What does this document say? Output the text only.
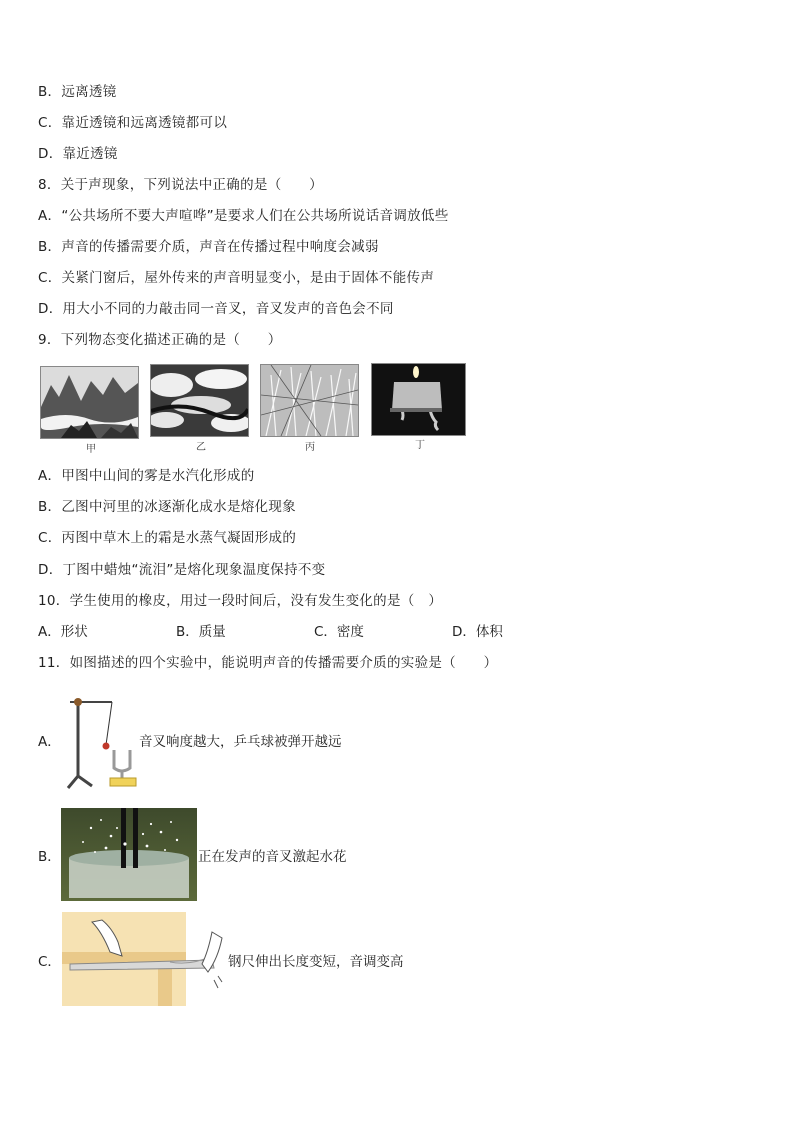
B．远离透镜
C．靠近透镜和远离透镜都可以
D．靠近透镜
8．关于声现象，下列说法中正确的是（　　）
A．“公共场所不要大声喧哗”是要求人们在公共场所说话音调放低些
B．声音的传播需要介质，声音在传播过程中响度会减弱
C．关紧门窗后，屋外传来的声音明显变小，是由于固体不能传声
D．用大小不同的力敲击同一音叉，音叉发声的音色会不同
9．下列物态变化描述正确的是（　　）
甲	乙	丙	丁
A．甲图中山间的雾是水汽化形成的
B．乙图中河里的冰逐渐化成水是熔化现象
C．丙图中草木上的霜是水蒸气凝固形成的
D．丁图中蜡烛“流泪”是熔化现象温度保持不变
10．学生使用的橡皮，用过一段时间后，没有发生变化的是（　）
A．形状	B．质量	C．密度	D．体积
11．如图描述的四个实验中，能说明声音的传播需要介质的实验是（　　）
A．	音叉响度越大，乒乓球被弹开越远
B．	正在发声的音叉激起水花
C．	钢尺伸出长度变短，音调变高
